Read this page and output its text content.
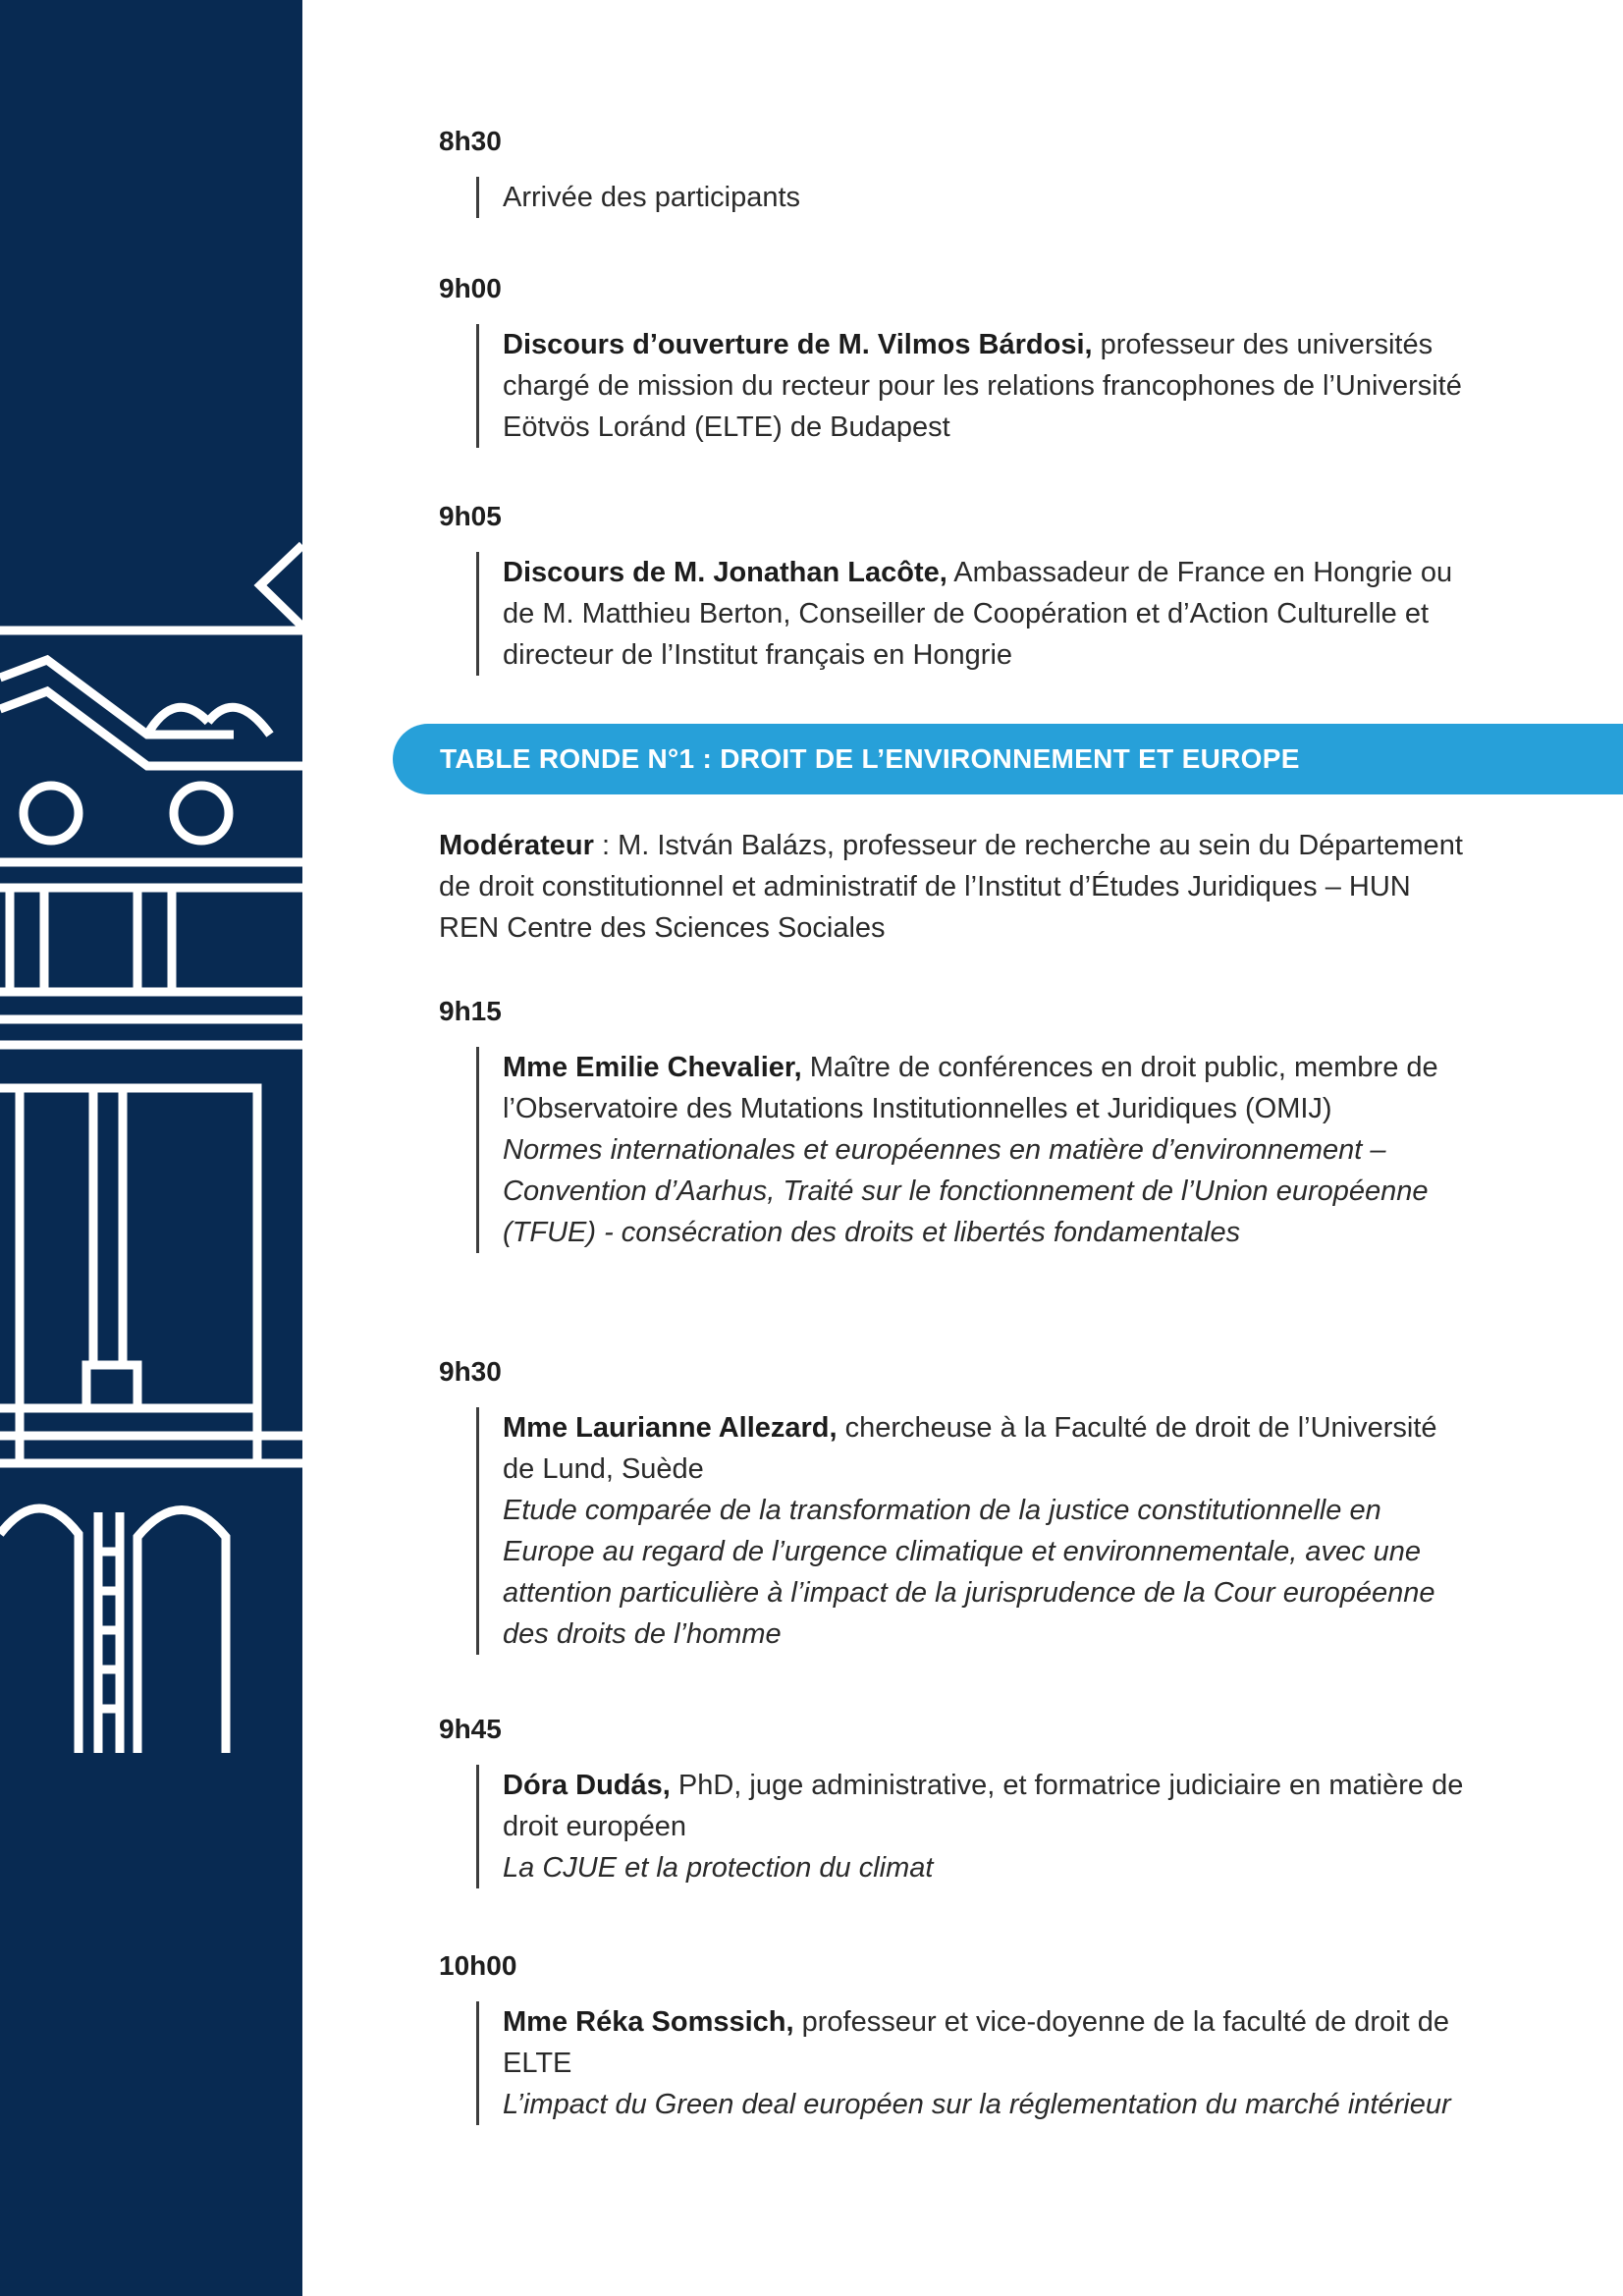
8h30
Arrivée des participants
9h00
Discours d’ouverture de M. Vilmos Bárdosi, professeur des universités chargé de mission du recteur pour les relations francophones de l’Université Eötvös Loránd (ELTE) de Budapest
9h05
Discours de M. Jonathan Lacôte, Ambassadeur de France en Hongrie ou de M. Matthieu Berton, Conseiller de Coopération et d’Action Culturelle et directeur de l’Institut français en Hongrie
TABLE RONDE N°1 : DROIT DE L’ENVIRONNEMENT ET EUROPE
Modérateur : M. István Balázs, professeur de recherche au sein du Département de droit constitutionnel et administratif de l’Institut d’Études Juridiques – HUN REN Centre des Sciences Sociales
9h15
Mme Emilie Chevalier, Maître de conférences en droit public, membre de l’Observatoire des Mutations Institutionnelles et Juridiques (OMIJ)
Normes internationales et européennes en matière d’environnement – Convention d’Aarhus, Traité sur le fonctionnement de l’Union européenne (TFUE) - consécration des droits et libertés fondamentales
9h30
Mme Laurianne Allezard, chercheuse à la Faculté de droit de l’Université de Lund, Suède
Etude comparée de la transformation de la justice constitutionnelle en Europe au regard de l’urgence climatique et environnementale, avec une attention particulière à l’impact de la jurisprudence de la Cour européenne des droits de l’homme
9h45
Dóra Dudás, PhD, juge administrative, et formatrice judiciaire en matière de droit européen
La CJUE et la protection du climat
10h00
Mme Réka Somssich, professeur et vice-doyenne de la faculté de droit de ELTE
L’impact du Green deal européen sur la réglementation du marché intérieur
